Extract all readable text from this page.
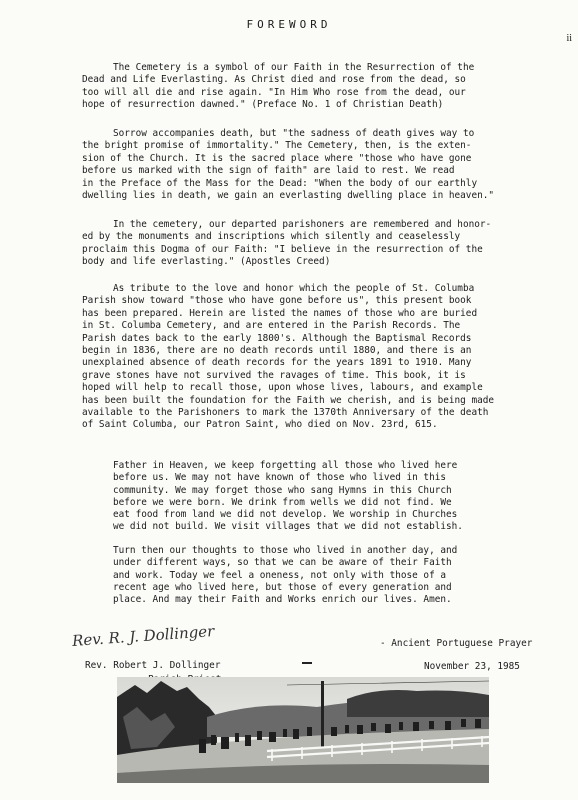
FOREWORD
ii

The Cemetery is a symbol of our Faith in the Resurrection of the

Dead and Life Everlasting. As Christ died and rose from the dead, so

too will all die and rise again. "In Him Who rose from the dead, our

hope of resurrection dawned." (Preface No. 1 of Christian Death)

Sorrow accompanies death, but "the sadness of death gives way to

the bright promise of immortality." The Cemetery, then, is the exten-

sion of the Church. It is the sacred place where "those who have gone

before us marked with the sign of faith" are laid to rest. We read

in the Preface of the Mass for the Dead: "When the body of our earthly

dwelling lies in death, we gain an everlasting dwelling place in heaven."

In the cemetery, our departed parishoners are remembered and honor-

ed by the monuments and inscriptions which silently and ceaselessly

proclaim this Dogma of our Faith: "I believe in the resurrection of the

body and life everlasting." (Apostles Creed)

As tribute to the love and honor which the people of St. Columba

Parish show toward "those who have gone before us", this present book

has been prepared. Herein are listed the names of those who are buried

in St. Columba Cemetery, and are entered in the Parish Records. The

Parish dates back to the early 1800's. Although the Baptismal Records

begin in 1836, there are no death records until 1880, and there is an

unexplained absence of death records for the years 1891 to 1910. Many

grave stones have not survived the ravages of time. This book, it is

hoped will help to recall those, upon whose lives, labours, and example

has been built the foundation for the Faith we cherish, and is being made

available to the Parishoners to mark the 1370th Anniversary of the death

of Saint Columba, our Patron Saint, who died on Nov. 23rd, 615.

Father in Heaven, we keep forgetting all those who lived here

before us. We may not have known of those who lived in this

community. We may forget those who sang Hymns in this Church

before we were born. We drink from wells we did not find. We

eat food from land we did not develop. We worship in Churches

we did not build. We visit villages that we did not establish.

Turn then our thoughts to those who lived in another day, and

under different ways, so that we can be aware of their Faith

and work. Today we feel a oneness, not only with those of a

recent age who lived here, but those of every generation and

place. And may their Faith and Works enrich our lives. Amen.

- Ancient Portuguese Prayer
Rev. R. J. Dollinger
Rev. Robert J. Dollinger	November 23, 1985
